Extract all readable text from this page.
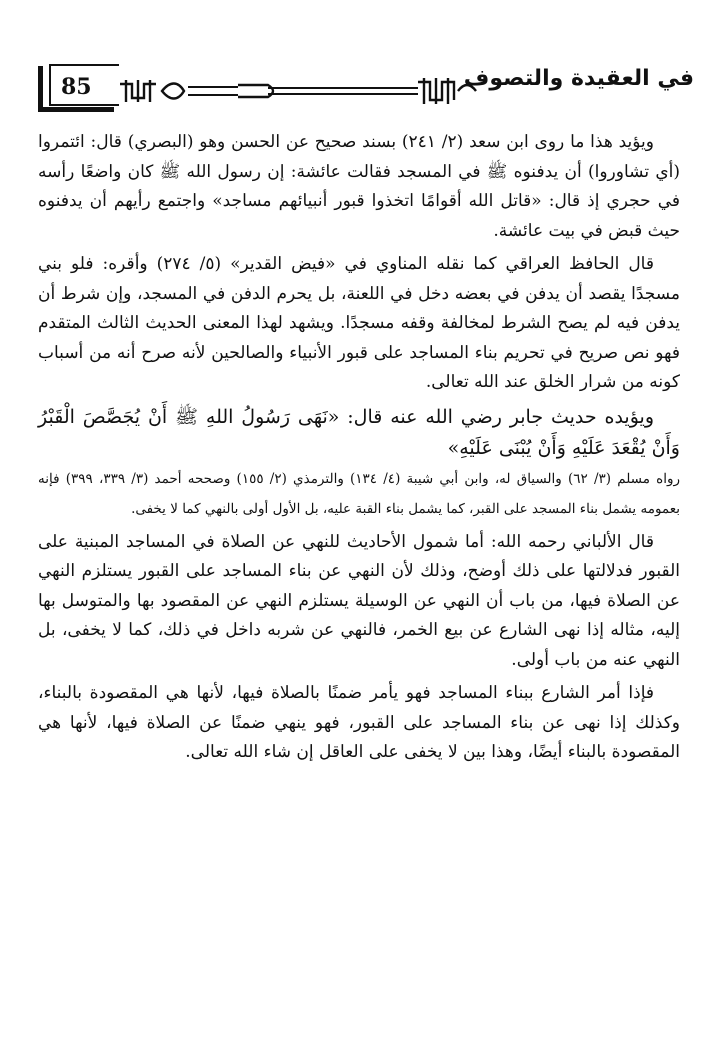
85	في العقيدة والتصوف

ويؤيد هذا ما روى ابن سعد (٢/ ٢٤١) بسند صحيح عن الحسن وهو (البصري) قال: ائتمروا (أي تشاوروا) أن يدفنوه ﷺ في المسجد فقالت عائشة: إن رسول الله ﷺ كان واضعًا رأسه في حجري إذ قال: «قاتل الله أقوامًا اتخذوا قبور أنبيائهم مساجد» واجتمع رأيهم أن يدفنوه حيث قبض في بيت عائشة.

قال الحافظ العراقي كما نقله المناوي في «فيض القدير» (٥/ ٢٧٤) وأقره: فلو بني مسجدًا يقصد أن يدفن في بعضه دخل في اللعنة، بل يحرم الدفن في المسجد، وإن شرط أن يدفن فيه لم يصح الشرط لمخالفة وقفه مسجدًا. ويشهد لهذا المعنى الحديث الثالث المتقدم فهو نص صريح في تحريم بناء المساجد على قبور الأنبياء والصالحين لأنه صرح أنه من أسباب كونه من شرار الخلق عند الله تعالى.

ويؤيده حديث جابر رضي الله عنه قال: «نَهَى رَسُولُ اللهِ ﷺ أَنْ يُجَصَّصَ الْقَبْرُ وَأَنْ يُقْعَدَ عَلَيْهِ وَأَنْ يُبْنَى عَلَيْهِ»

رواه مسلم (٣/ ٦٢) والسياق له، وابن أبي شيبة (٤/ ١٣٤) والترمذي (٢/ ١٥٥) وصححه أحمد (٣/ ٣٣٩، ٣٩٩) فإنه بعمومه يشمل بناء المسجد على القبر، كما يشمل بناء القبة عليه، بل الأول أولى بالنهي كما لا يخفى.

قال الألباني رحمه الله: أما شمول الأحاديث للنهي عن الصلاة في المساجد المبنية على القبور فدلالتها على ذلك أوضح، وذلك لأن النهي عن بناء المساجد على القبور يستلزم النهي عن الصلاة فيها، من باب أن النهي عن الوسيلة يستلزم النهي عن المقصود بها والمتوسل بها إليه، مثاله إذا نهى الشارع عن بيع الخمر، فالنهي عن شربه داخل في ذلك، كما لا يخفى، بل النهي عنه من باب أولى.

فإذا أمر الشارع ببناء المساجد فهو يأمر ضمنًا بالصلاة فيها، لأنها هي المقصودة بالبناء، وكذلك إذا نهى عن بناء المساجد على القبور، فهو ينهي ضمنًا عن الصلاة فيها، لأنها هي المقصودة بالبناء أيضًا، وهذا بين لا يخفى على العاقل إن شاء الله تعالى.
